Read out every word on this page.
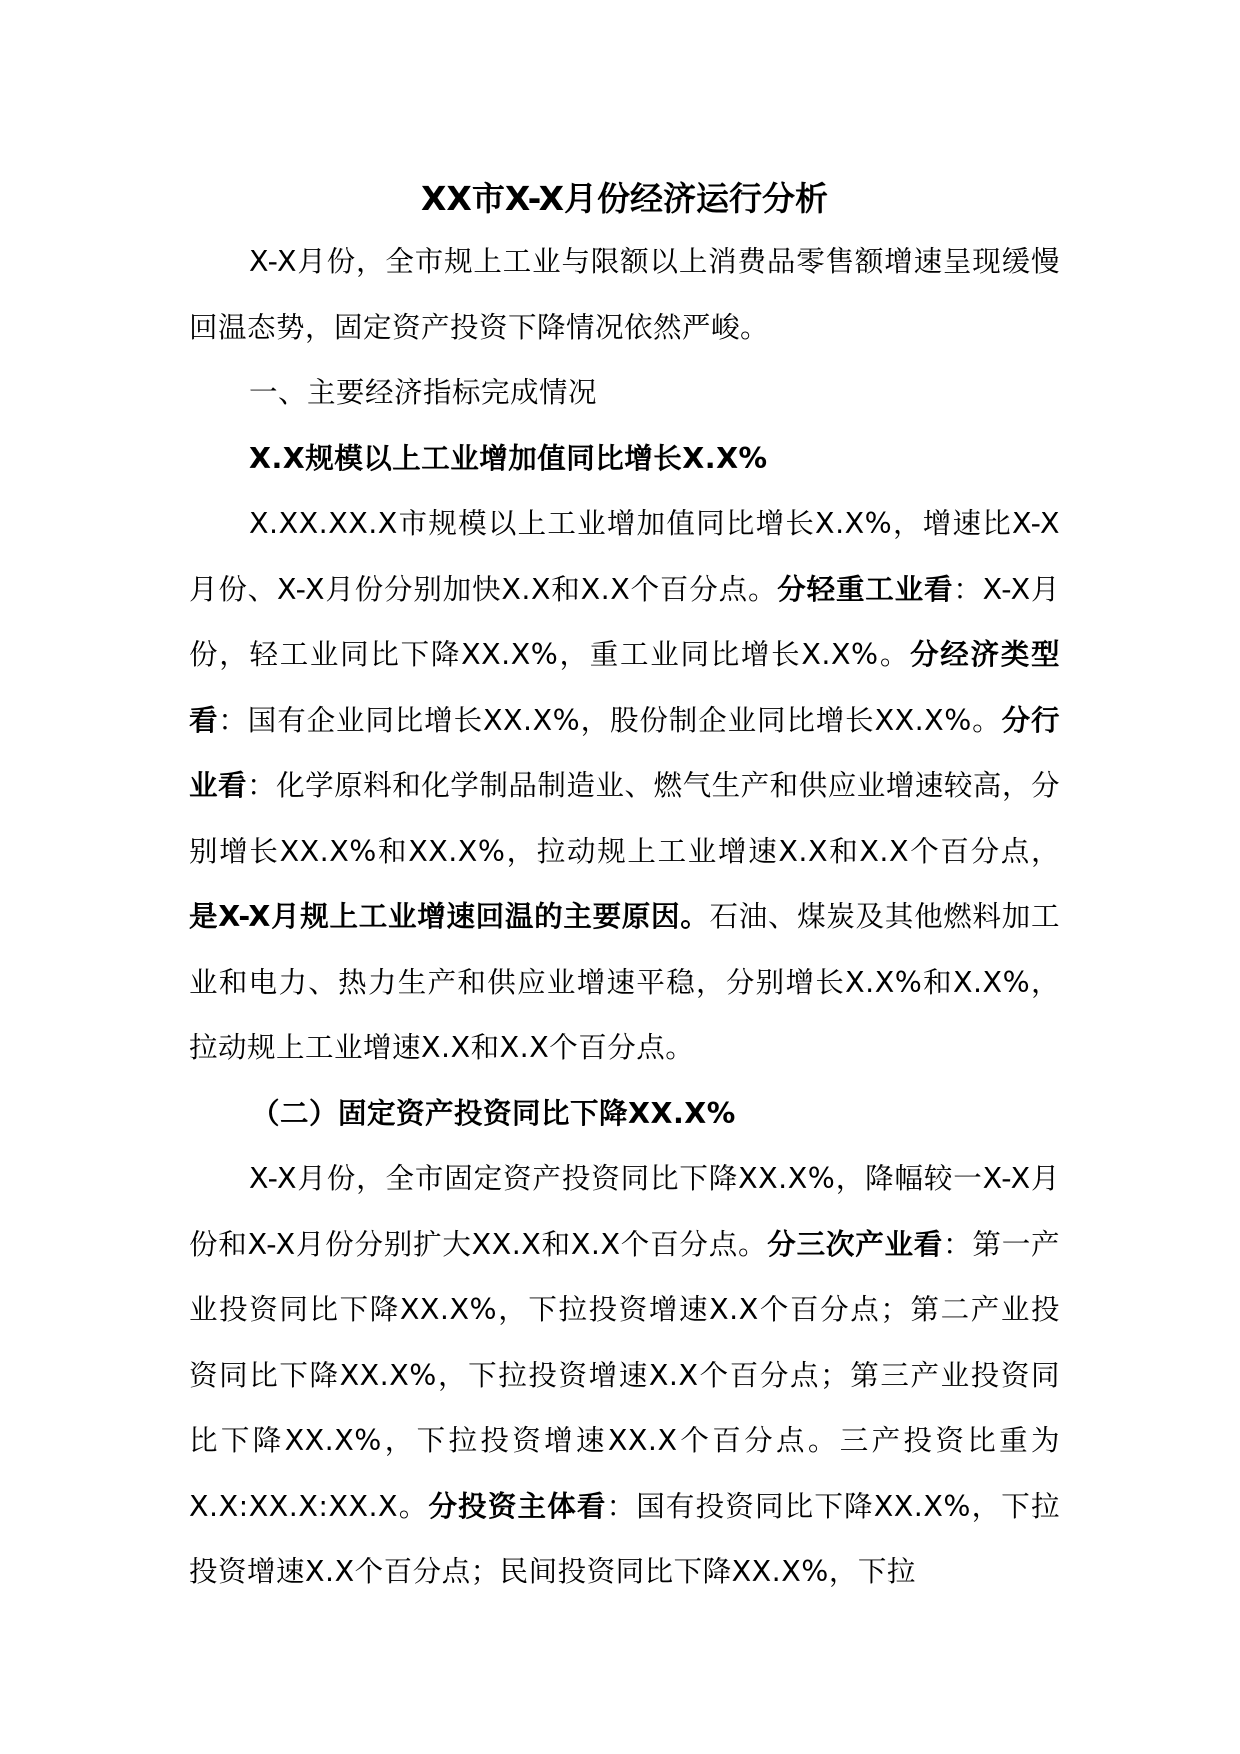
XX市X-X月份经济运行分析

X-X月份，全市规上工业与限额以上消费品零售额增速呈现缓慢回温态势，固定资产投资下降情况依然严峻。

一、主要经济指标完成情况

X.X规模以上工业增加值同比增长X.X%

X.XX.XX.X市规模以上工业增加值同比增长X.X%，增速比X-X月份、X-X月份分别加快X.X和X.X个百分点。分轻重工业看：X-X月份，轻工业同比下降XX.X%，重工业同比增长X.X%。分经济类型看：国有企业同比增长XX.X%，股份制企业同比增长XX.X%。分行业看：化学原料和化学制品制造业、燃气生产和供应业增速较高，分别增长XX.X%和XX.X%，拉动规上工业增速X.X和X.X个百分点，是X-X月规上工业增速回温的主要原因。石油、煤炭及其他燃料加工业和电力、热力生产和供应业增速平稳，分别增长X.X%和X.X%，拉动规上工业增速X.X和X.X个百分点。

（二）固定资产投资同比下降XX.X%

X-X月份，全市固定资产投资同比下降XX.X%，降幅较一X-X月份和X-X月份分别扩大XX.X和X.X个百分点。分三次产业看：第一产业投资同比下降XX.X%，下拉投资增速X.X个百分点；第二产业投资同比下降XX.X%，下拉投资增速X.X个百分点；第三产业投资同比下降XX.X%，下拉投资增速XX.X个百分点。三产投资比重为X.X:XX.X:XX.X。分投资主体看：国有投资同比下降XX.X%，下拉投资增速X.X个百分点；民间投资同比下降XX.X%，下拉
